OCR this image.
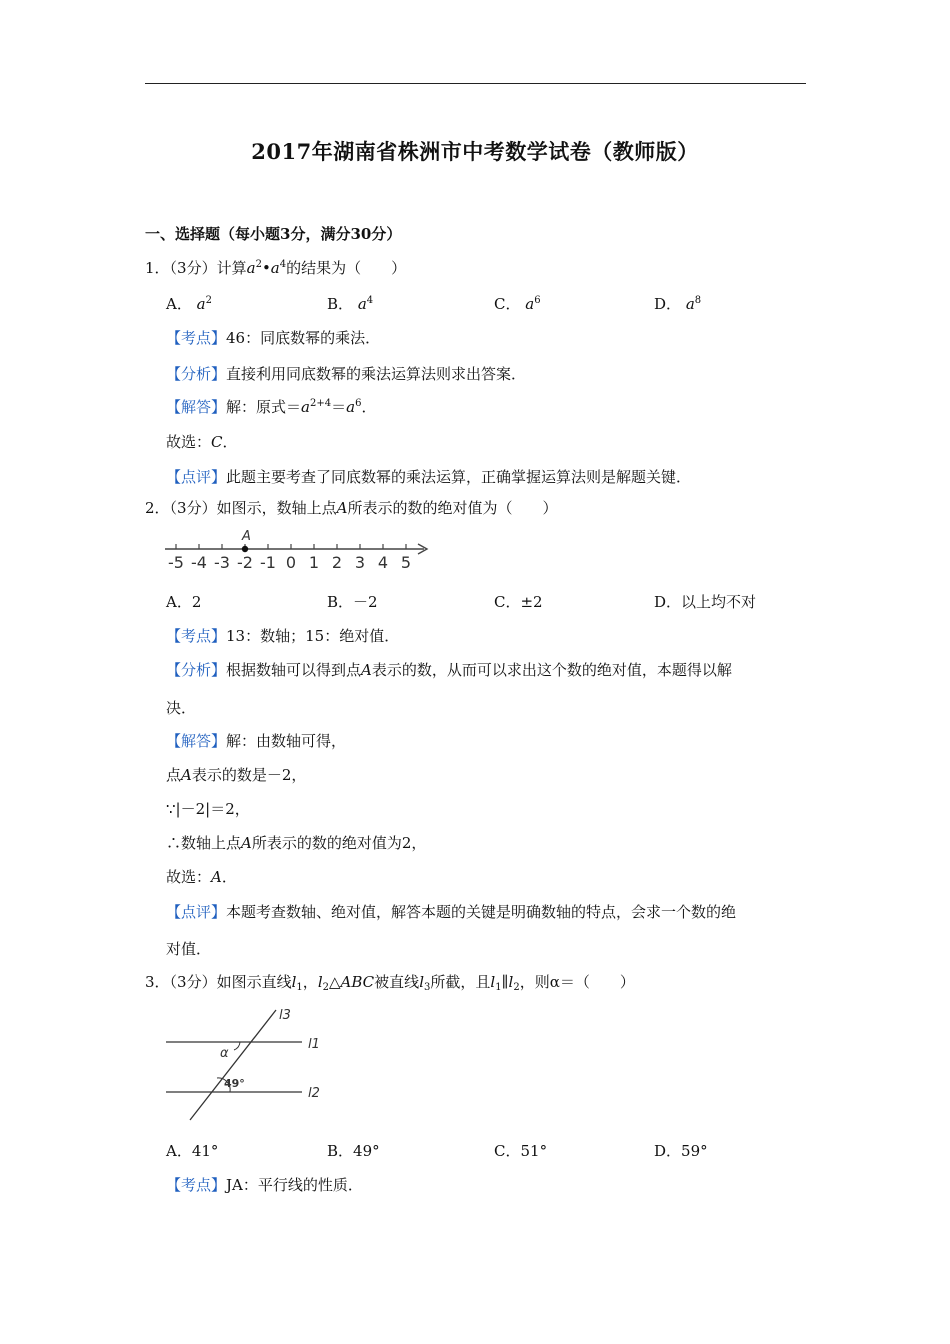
2017年湖南省株洲市中考数学试卷（教师版）
一、选择题（每小题3分，满分30分）
1．（3分）计算$a^2•a^4$的结果为（　　）
A． $a^2$	B． $a^4$	C． $a^6$	D． $a^8$
【考点】46：同底数幂的乘法．
【分析】直接利用同底数幂的乘法运算法则求出答案．
【解答】解：原式$=a^{2+4}=a^6$．
故选：C．
【点评】此题主要考查了同底数幂的乘法运算，正确掌握运算法则是解题关键．
2．（3分）如图示，数轴上点A所表示的数的绝对值为（　　）
A
-5 -4 -3 -2 -1 0 1 2 3 4 5
A．2	B．－2	C．±2	D．以上均不对
【考点】13：数轴；15：绝对值．
【分析】根据数轴可以得到点A表示的数，从而可以求出这个数的绝对值，本题得以解
决．
【解答】解：由数轴可得，
点A表示的数是－2，
∵|－2|＝2，
∴数轴上点A所表示的数的绝对值为2，
故选：A．
【点评】本题考查数轴、绝对值，解答本题的关键是明确数轴的特点，会求一个数的绝
对值．
3．（3分）如图示直线$l_1$，$l_2\triangle ABC$被直线$l_3$所截，且$l_1\parallel l_2$，则α＝（　　）
l3
l1
l2
α
49°
A．41°	B．49°	C．51°	D．59°
【考点】JA：平行线的性质．
